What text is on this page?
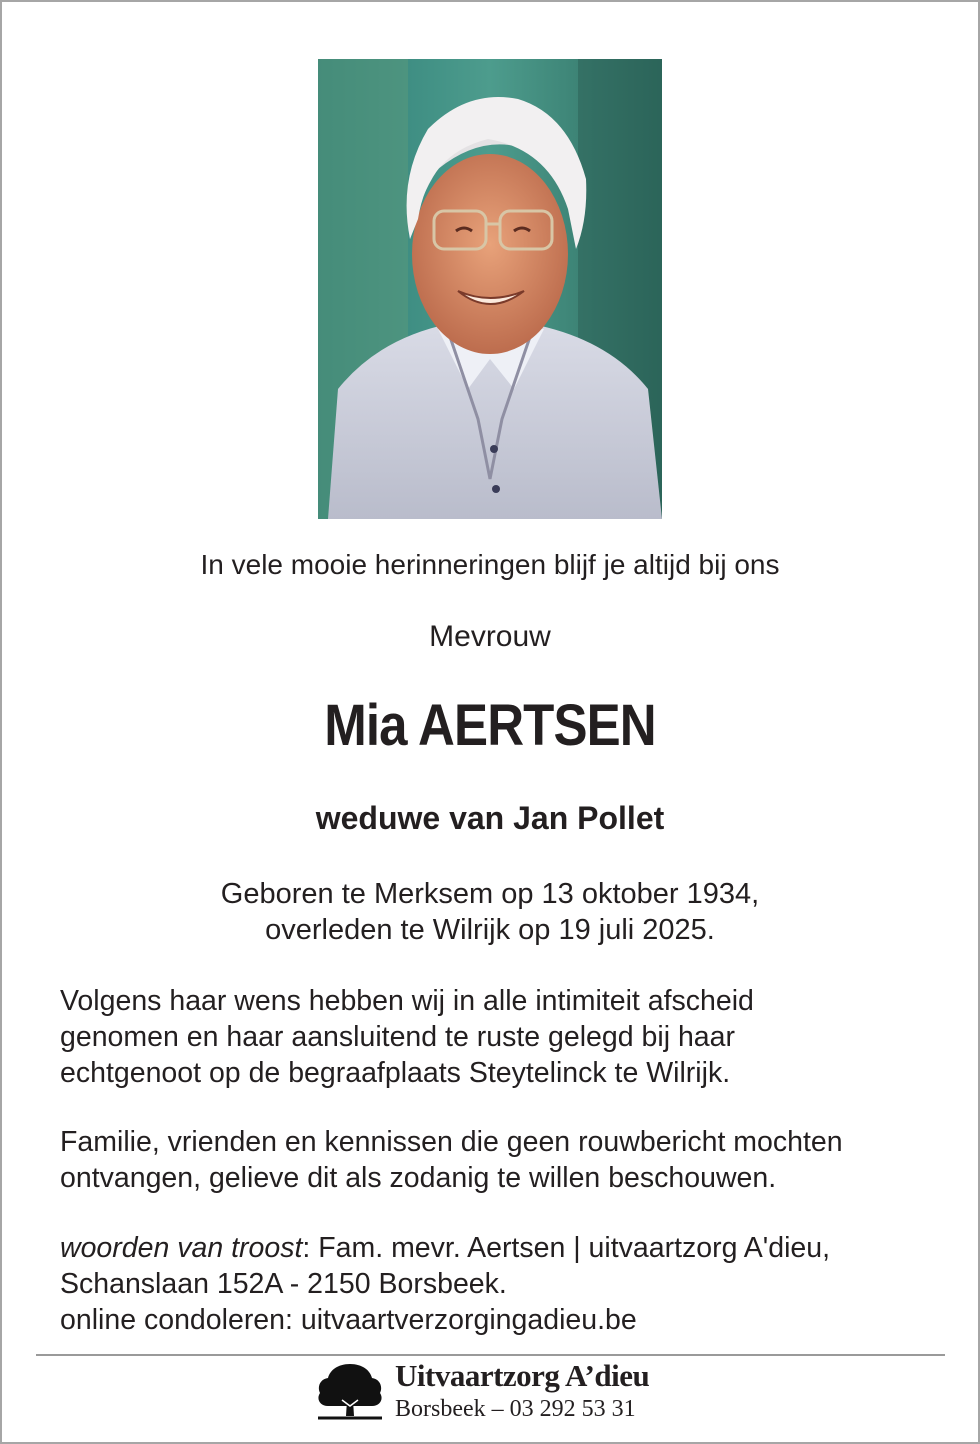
In vele mooie herinneringen blijf je altijd bij ons
Mevrouw
Mia AERTSEN
weduwe van Jan Pollet
Geboren te Merksem op 13 oktober 1934,
overleden te Wilrijk op 19 juli 2025.
Volgens haar wens hebben wij in alle intimiteit afscheid
genomen en haar aansluitend te ruste gelegd bij haar
echtgenoot op de begraafplaats Steytelinck te Wilrijk.
Familie, vrienden en kennissen die geen rouwbericht mochten
ontvangen, gelieve dit als zodanig te willen beschouwen.
woorden van troost: Fam. mevr. Aertsen | uitvaartzorg A'dieu,
Schanslaan 152A - 2150 Borsbeek.
online condoleren: uitvaartverzorgingadieu.be
Uitvaartzorg A’dieu
Borsbeek – 03 292 53 31
